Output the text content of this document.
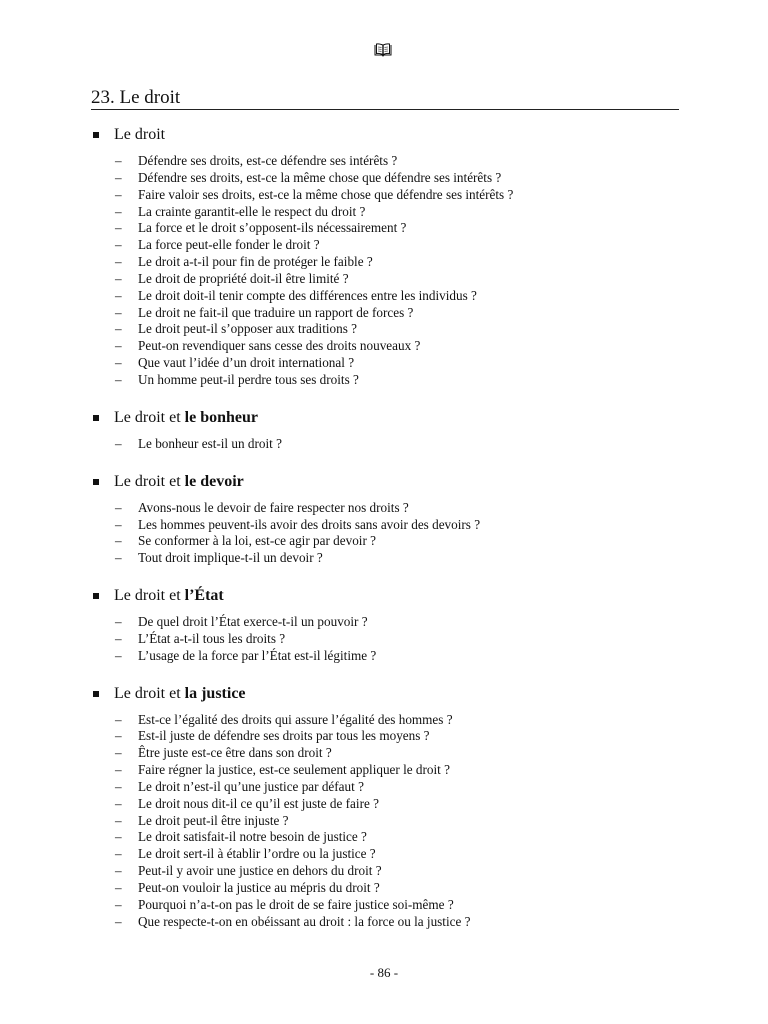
23. Le droit
Le droit
– Défendre ses droits, est-ce défendre ses intérêts ?
– Défendre ses droits, est-ce la même chose que défendre ses intérêts ?
– Faire valoir ses droits, est-ce la même chose que défendre ses intérêts ?
– La crainte garantit-elle le respect du droit ?
– La force et le droit s’opposent-ils nécessairement ?
– La force peut-elle fonder le droit ?
– Le droit a-t-il pour fin de protéger le faible ?
– Le droit de propriété doit-il être limité ?
– Le droit doit-il tenir compte des différences entre les individus ?
– Le droit ne fait-il que traduire un rapport de forces ?
– Le droit peut-il s’opposer aux traditions ?
– Peut-on revendiquer sans cesse des droits nouveaux ?
– Que vaut l’idée d’un droit international ?
– Un homme peut-il perdre tous ses droits ?
Le droit et le bonheur
– Le bonheur est-il un droit ?
Le droit et le devoir
– Avons-nous le devoir de faire respecter nos droits ?
– Les hommes peuvent-ils avoir des droits sans avoir des devoirs ?
– Se conformer à la loi, est-ce agir par devoir ?
– Tout droit implique-t-il un devoir ?
Le droit et l’État
– De quel droit l’État exerce-t-il un pouvoir ?
– L’État a-t-il tous les droits ?
– L’usage de la force par l’État est-il légitime ?
Le droit et la justice
– Est-ce l’égalité des droits qui assure l’égalité des hommes ?
– Est-il juste de défendre ses droits par tous les moyens ?
– Être juste est-ce être dans son droit ?
– Faire régner la justice, est-ce seulement appliquer le droit ?
– Le droit n’est-il qu’une justice par défaut ?
– Le droit nous dit-il ce qu’il est juste de faire ?
– Le droit peut-il être injuste ?
– Le droit satisfait-il notre besoin de justice ?
– Le droit sert-il à établir l’ordre ou la justice ?
– Peut-il y avoir une justice en dehors du droit ?
– Peut-on vouloir la justice au mépris du droit ?
– Pourquoi n’a-t-on pas le droit de se faire justice soi-même ?
– Que respecte-t-on en obéissant au droit : la force ou la justice ?
- 86 -
